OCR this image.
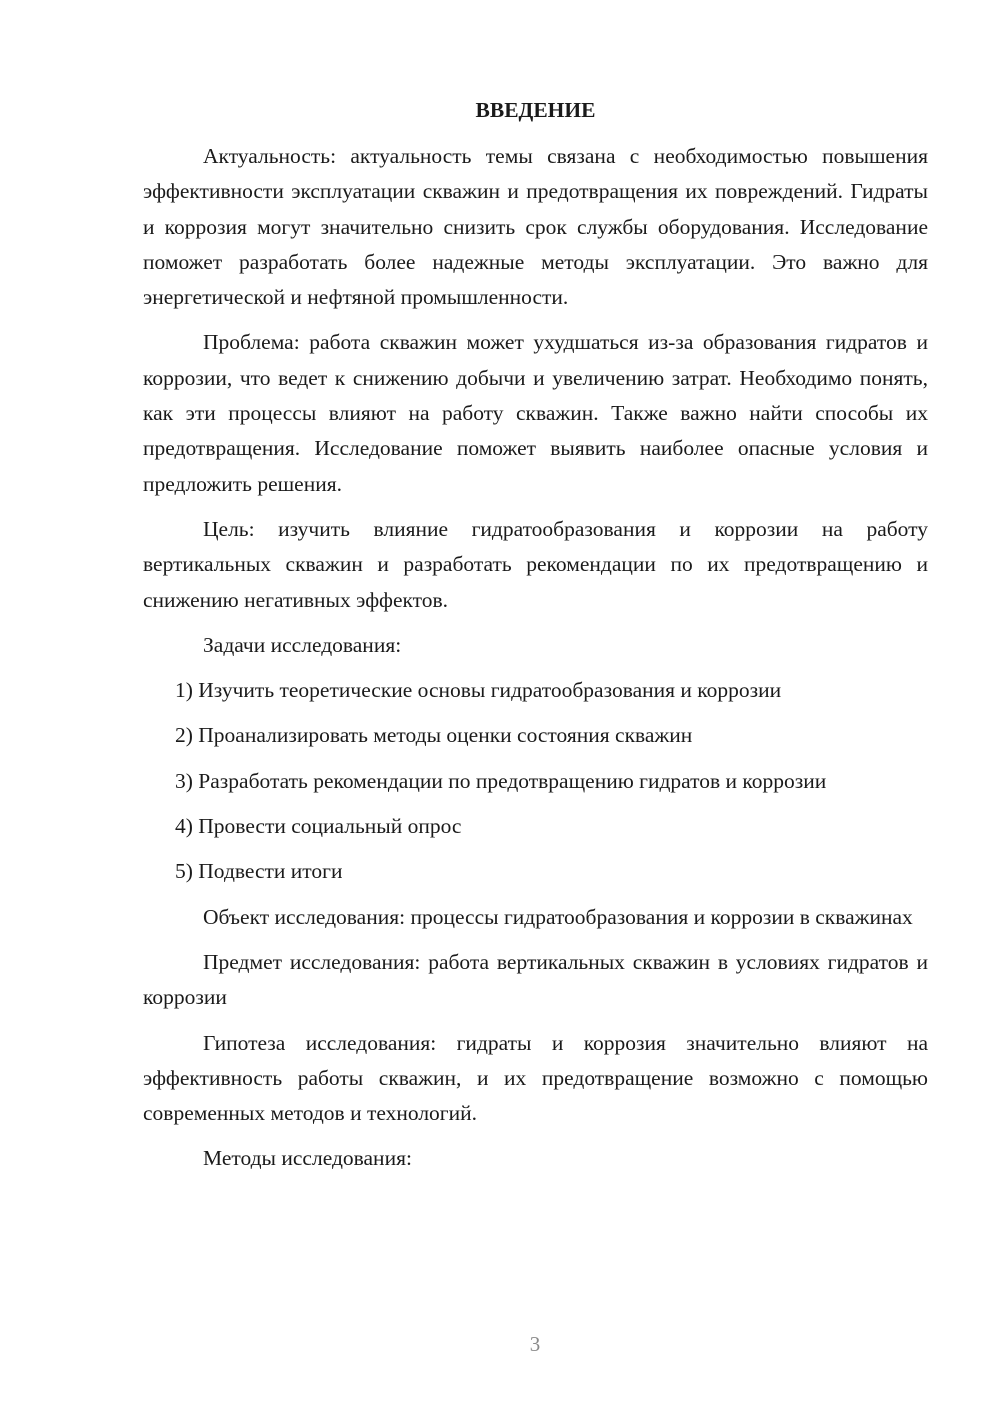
ВВЕДЕНИЕ

Актуальность: актуальность темы связана с необходимостью повышения эффективности эксплуатации скважин и предотвращения их повреждений. Гидраты и коррозия могут значительно снизить срок службы оборудования. Исследование поможет разработать более надежные методы эксплуатации. Это важно для энергетической и нефтяной промышленности.

Проблема: работа скважин может ухудшаться из-за образования гидратов и коррозии, что ведет к снижению добычи и увеличению затрат. Необходимо понять, как эти процессы влияют на работу скважин. Также важно найти способы их предотвращения. Исследование поможет выявить наиболее опасные условия и предложить решения.

Цель: изучить влияние гидратообразования и коррозии на работу вертикальных скважин и разработать рекомендации по их предотвращению и снижению негативных эффектов.

Задачи исследования:

1) Изучить теоретические основы гидратообразования и коррозии

2) Проанализировать методы оценки состояния скважин

3) Разработать рекомендации по предотвращению гидратов и коррозии

4) Провести социальный опрос

5) Подвести итоги

Объект исследования: процессы гидратообразования и коррозии в скважинах

Предмет исследования: работа вертикальных скважин в условиях гидратов и коррозии

Гипотеза исследования: гидраты и коррозия значительно влияют на эффективность работы скважин, и их предотвращение возможно с помощью современных методов и технологий.

Методы исследования:

3
